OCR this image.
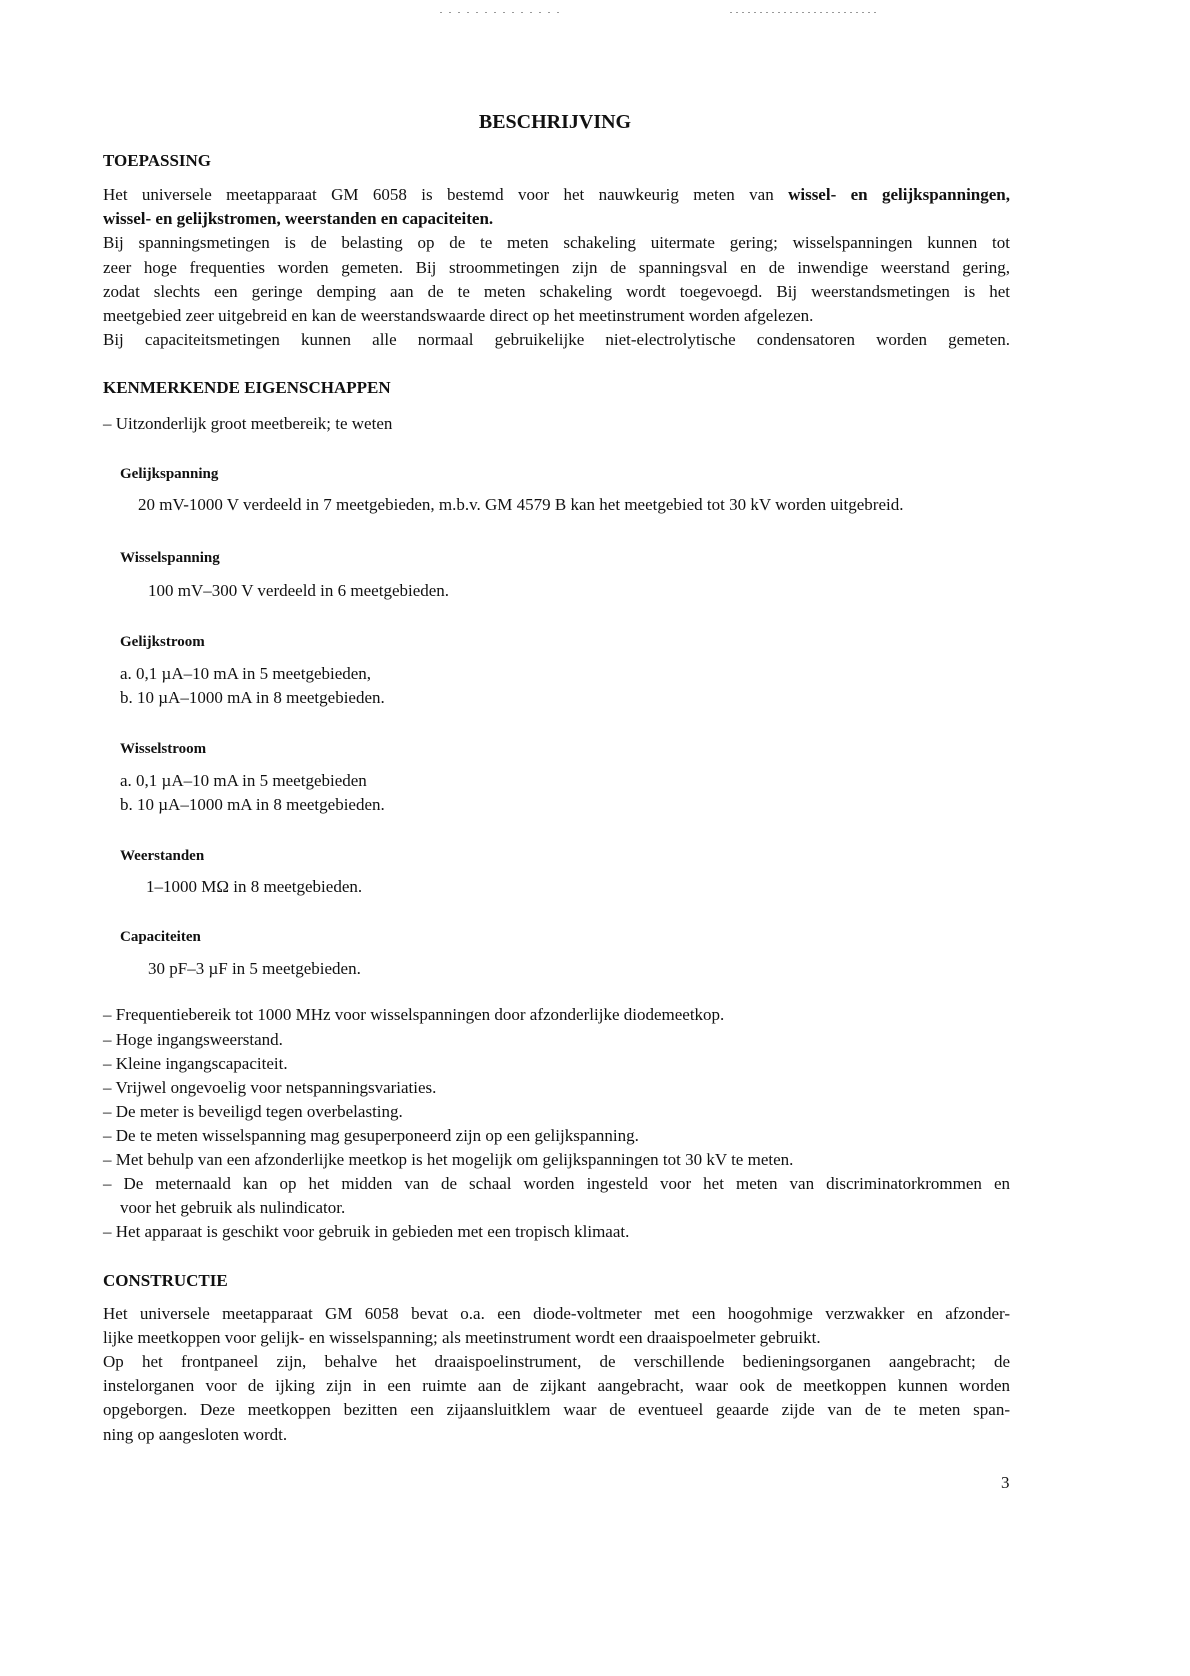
BESCHRIJVING
TOEPASSING
Het universele meetapparaat GM 6058 is bestemd voor het nauwkeurig meten van wissel- en gelijkspanningen,
wissel- en gelijkstromen, weerstanden en capaciteiten.
Bij spanningsmetingen is de belasting op de te meten schakeling uitermate gering; wisselspanningen kunnen tot
zeer hoge frequenties worden gemeten. Bij stroommetingen zijn de spanningsval en de inwendige weerstand gering,
zodat slechts een geringe demping aan de te meten schakeling wordt toegevoegd. Bij weerstandsmetingen is het
meetgebied zeer uitgebreid en kan de weerstandswaarde direct op het meetinstrument worden afgelezen.
Bij capaciteitsmetingen kunnen alle normaal gebruikelijke niet-electrolytische condensatoren worden gemeten.
KENMERKENDE EIGENSCHAPPEN
– Uitzonderlijk groot meetbereik; te weten
Gelijkspanning
20 mV-1000 V verdeeld in 7 meetgebieden, m.b.v. GM 4579 B kan het meetgebied tot 30 kV worden uitgebreid.
Wisselspanning
100 mV–300 V verdeeld in 6 meetgebieden.
Gelijkstroom
a. 0,1 µA–10 mA in 5 meetgebieden,
b. 10 µA–1000 mA in 8 meetgebieden.
Wisselstroom
a. 0,1 µA–10 mA in 5 meetgebieden
b. 10 µA–1000 mA in 8 meetgebieden.
Weerstanden
1–1000 MΩ in 8 meetgebieden.
Capaciteiten
30 pF–3 µF in 5 meetgebieden.
– Frequentiebereik tot 1000 MHz voor wisselspanningen door afzonderlijke diodemeetkop.
– Hoge ingangsweerstand.
– Kleine ingangscapaciteit.
– Vrijwel ongevoelig voor netspanningsvariaties.
– De meter is beveiligd tegen overbelasting.
– De te meten wisselspanning mag gesuperponeerd zijn op een gelijkspanning.
– Met behulp van een afzonderlijke meetkop is het mogelijk om gelijkspanningen tot 30 kV te meten.
– De meternaald kan op het midden van de schaal worden ingesteld voor het meten van discriminatorkrommen en
voor het gebruik als nulindicator.
– Het apparaat is geschikt voor gebruik in gebieden met een tropisch klimaat.
CONSTRUCTIE
Het universele meetapparaat GM 6058 bevat o.a. een diode-voltmeter met een hoogohmige verzwakker en afzonder-
lijke meetkoppen voor gelijk- en wisselspanning; als meetinstrument wordt een draaispoelmeter gebruikt.
Op het frontpaneel zijn, behalve het draaispoelinstrument, de verschillende bedieningsorganen aangebracht; de
instelorganen voor de ijking zijn in een ruimte aan de zijkant aangebracht, waar ook de meetkoppen kunnen worden
opgeborgen. Deze meetkoppen bezitten een zijaansluitklem waar de eventueel geaarde zijde van de te meten span-
ning op aangesloten wordt.
3
